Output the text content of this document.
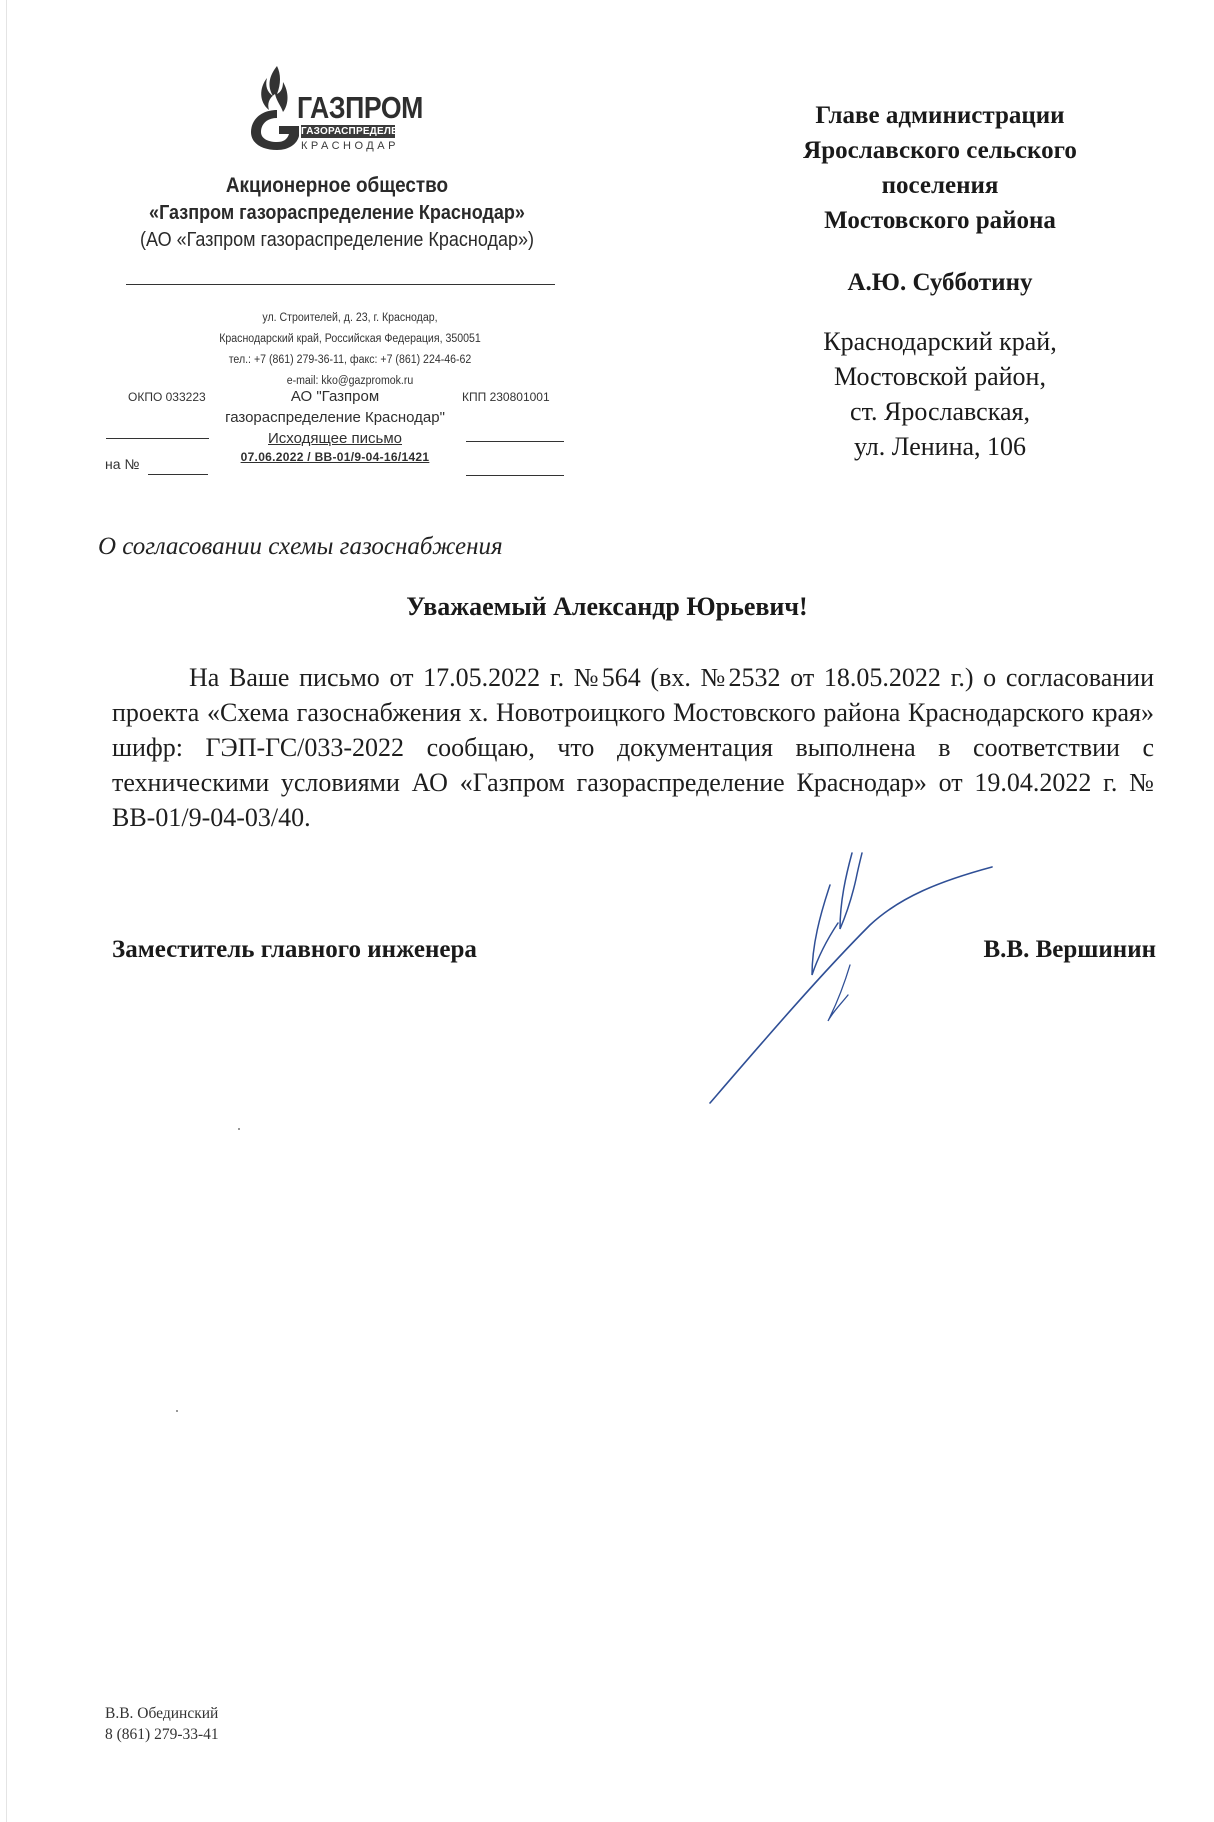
ГАЗПРОМ
ГАЗОРАСПРЕДЕЛЕНИЕ
КРАСНОДАР
Акционерное общество
«Газпром газораспределение Краснодар»
(АО «Газпром газораспределение Краснодар»)
ул. Строителей, д. 23, г. Краснодар,
Краснодарский край, Российская Федерация, 350051
тел.: +7 (861) 279-36-11, факс: +7 (861) 224-46-62
e-mail: kko@gazpromok.ru
ОКПО 033223	КПП 230801001
АО "Газпром
газораспределение Краснодар"
Исходящее письмо
07.06.2022 / ВВ-01/9-04-16/1421
на №
Главе администрации
Ярославского сельского
поселения
Мостовского района
А.Ю. Субботину
Краснодарский край,
Мостовской район,
ст. Ярославская,
ул. Ленина, 106
О согласовании схемы газоснабжения
Уважаемый Александр Юрьевич!
На Ваше письмо от 17.05.2022 г. №564 (вх. №2532 от 18.05.2022 г.) о согласовании проекта «Схема газоснабжения х. Новотроицкого Мостовского района Краснодарского края» шифр: ГЭП-ГС/033-2022 сообщаю, что документация выполнена в соответствии с техническими условиями АО «Газпром газораспределение Краснодар» от 19.04.2022 г. № ВВ-01/9-04-03/40.
Заместитель главного инженера	В.В. Вершинин
В.В. Обединский
8 (861) 279-33-41
